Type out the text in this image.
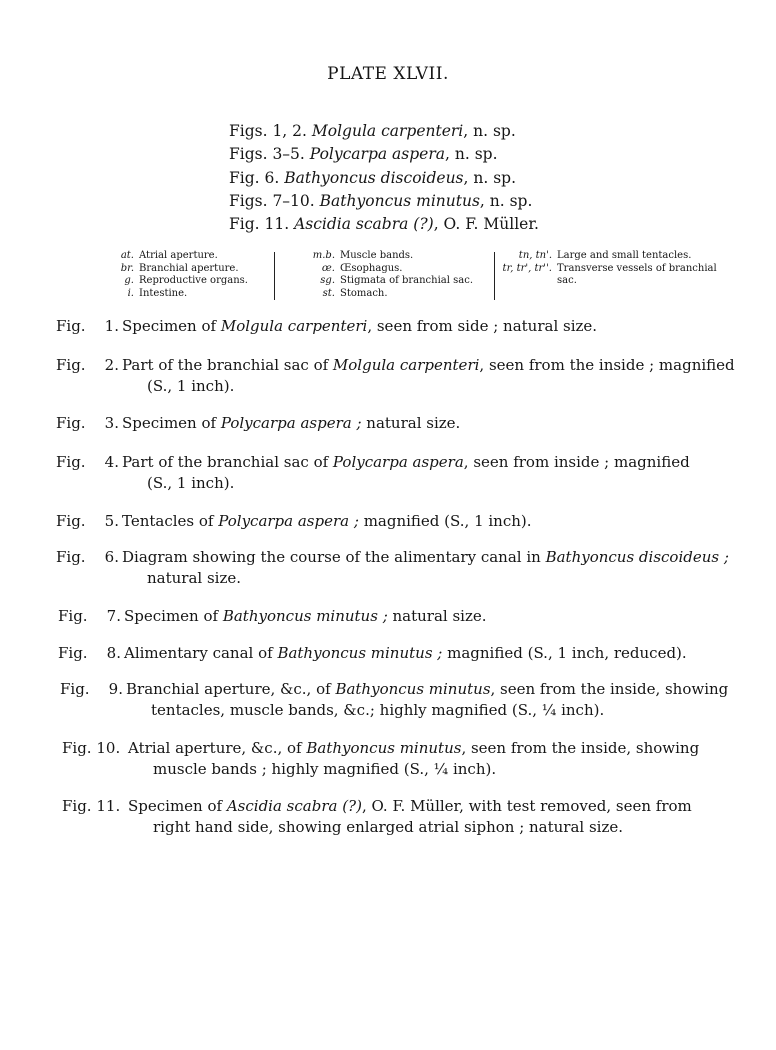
PLATE XLVII.
Figs. 1, 2. Molgula carpenteri, n. sp.
Figs. 3–5. Polycarpa aspera, n. sp.
Fig. 6. Bathyoncus discoideus, n. sp.
Figs. 7–10. Bathyoncus minutus, n. sp.
Fig. 11. Ascidia scabra (?), O. F. Müller.
at. Atrial aperture.
br. Branchial aperture.
g. Reproductive organs.
i. Intestine.
m.b. Muscle bands.
œ. Œsophagus.
sg. Stigmata of branchial sac.
st. Stomach.
tn, tn'. Large and small tentacles.
tr, tr', tr''. Transverse vessels of branchial
sac.
Fig. 1. Specimen of Molgula carpenteri, seen from side ; natural size.
Fig. 2. Part of the branchial sac of Molgula carpenteri, seen from the inside ; magnified
(S., 1 inch).
Fig. 3. Specimen of Polycarpa aspera ; natural size.
Fig. 4. Part of the branchial sac of Polycarpa aspera, seen from inside ; magnified
(S., 1 inch).
Fig. 5. Tentacles of Polycarpa aspera ; magnified (S., 1 inch).
Fig. 6. Diagram showing the course of the alimentary canal in Bathyoncus discoideus ;
natural size.
Fig. 7. Specimen of Bathyoncus minutus ; natural size.
Fig. 8. Alimentary canal of Bathyoncus minutus ; magnified (S., 1 inch, reduced).
Fig. 9. Branchial aperture, &c., of Bathyoncus minutus, seen from the inside, showing
tentacles, muscle bands, &c.; highly magnified (S., ¼ inch).
Fig. 10. Atrial aperture, &c., of Bathyoncus minutus, seen from the inside, showing
muscle bands ; highly magnified (S., ¼ inch).
Fig. 11. Specimen of Ascidia scabra (?), O. F. Müller, with test removed, seen from
right hand side, showing enlarged atrial siphon ; natural size.
